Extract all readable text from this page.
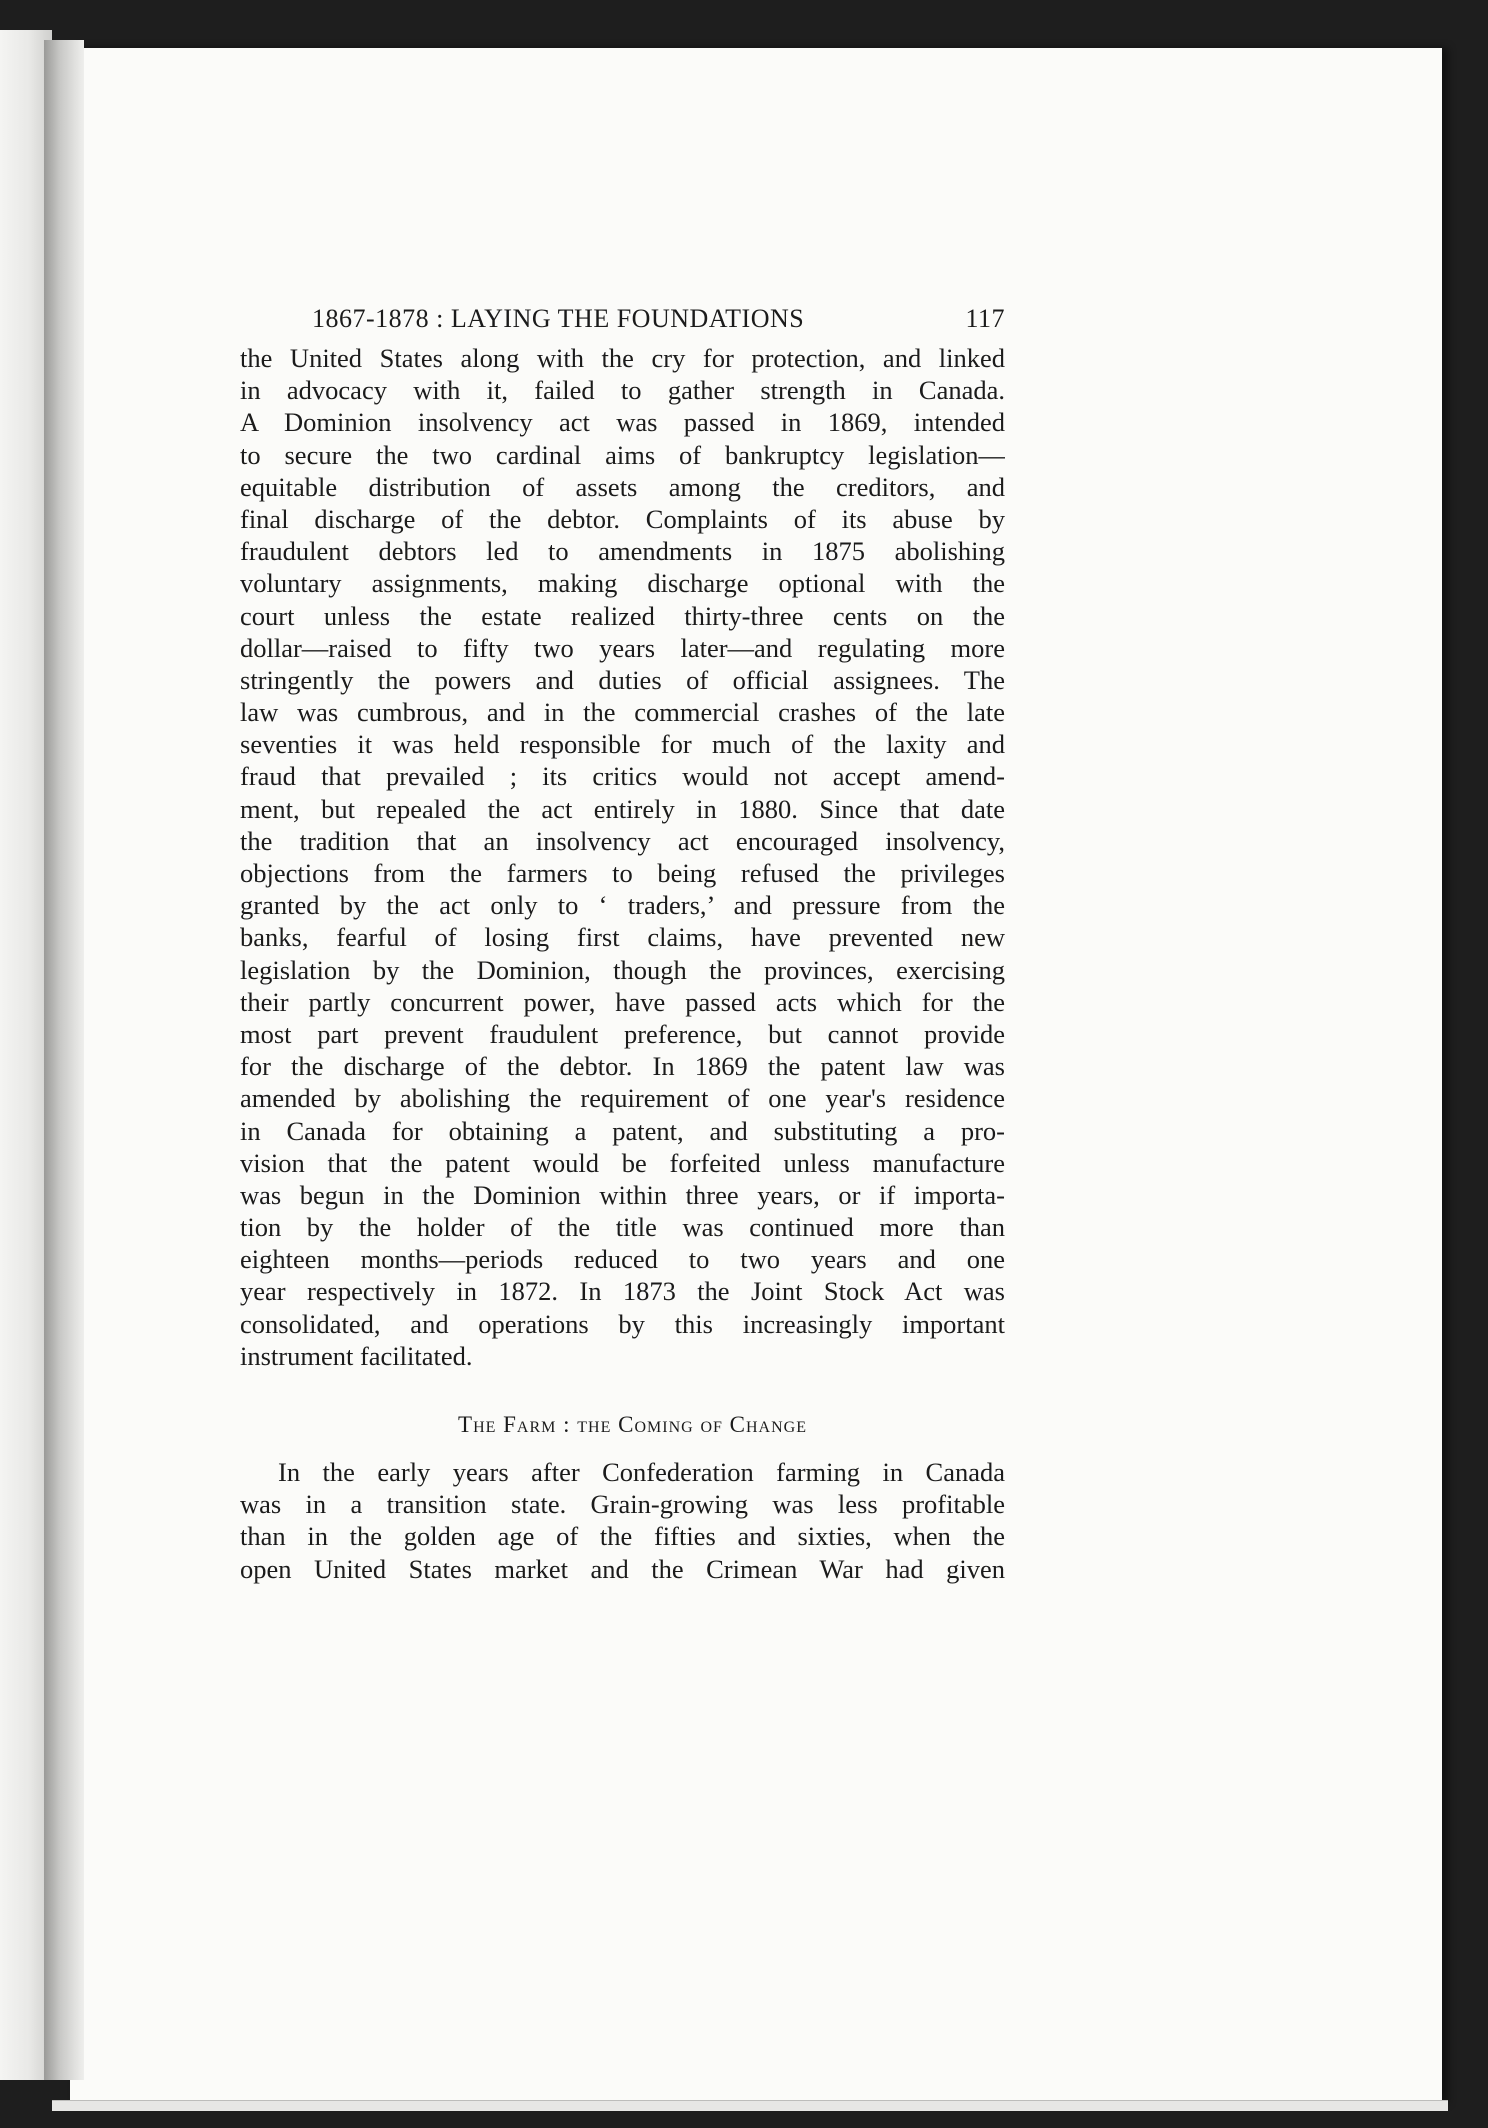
1867-1878 : LAYING THE FOUNDATIONS	117
the United States along with the cry for protection, and linked
in advocacy with it, failed to gather strength in Canada.
A Dominion insolvency act was passed in 1869, intended
to secure the two cardinal aims of bankruptcy legislation—
equitable distribution of assets among the creditors, and
final discharge of the debtor. Complaints of its abuse by
fraudulent debtors led to amendments in 1875 abolishing
voluntary assignments, making discharge optional with the
court unless the estate realized thirty-three cents on the
dollar—raised to fifty two years later—and regulating more
stringently the powers and duties of official assignees. The
law was cumbrous, and in the commercial crashes of the late
seventies it was held responsible for much of the laxity and
fraud that prevailed ; its critics would not accept amend-
ment, but repealed the act entirely in 1880. Since that date
the tradition that an insolvency act encouraged insolvency,
objections from the farmers to being refused the privileges
granted by the act only to ‘ traders,’ and pressure from the
banks, fearful of losing first claims, have prevented new
legislation by the Dominion, though the provinces, exercising
their partly concurrent power, have passed acts which for the
most part prevent fraudulent preference, but cannot provide
for the discharge of the debtor. In 1869 the patent law was
amended by abolishing the requirement of one year's residence
in Canada for obtaining a patent, and substituting a pro-
vision that the patent would be forfeited unless manufacture
was begun in the Dominion within three years, or if importa-
tion by the holder of the title was continued more than
eighteen months—periods reduced to two years and one
year respectively in 1872. In 1873 the Joint Stock Act was
consolidated, and operations by this increasingly important
instrument facilitated.
The Farm : the Coming of Change
In the early years after Confederation farming in Canada
was in a transition state. Grain-growing was less profitable
than in the golden age of the fifties and sixties, when the
open United States market and the Crimean War had given
